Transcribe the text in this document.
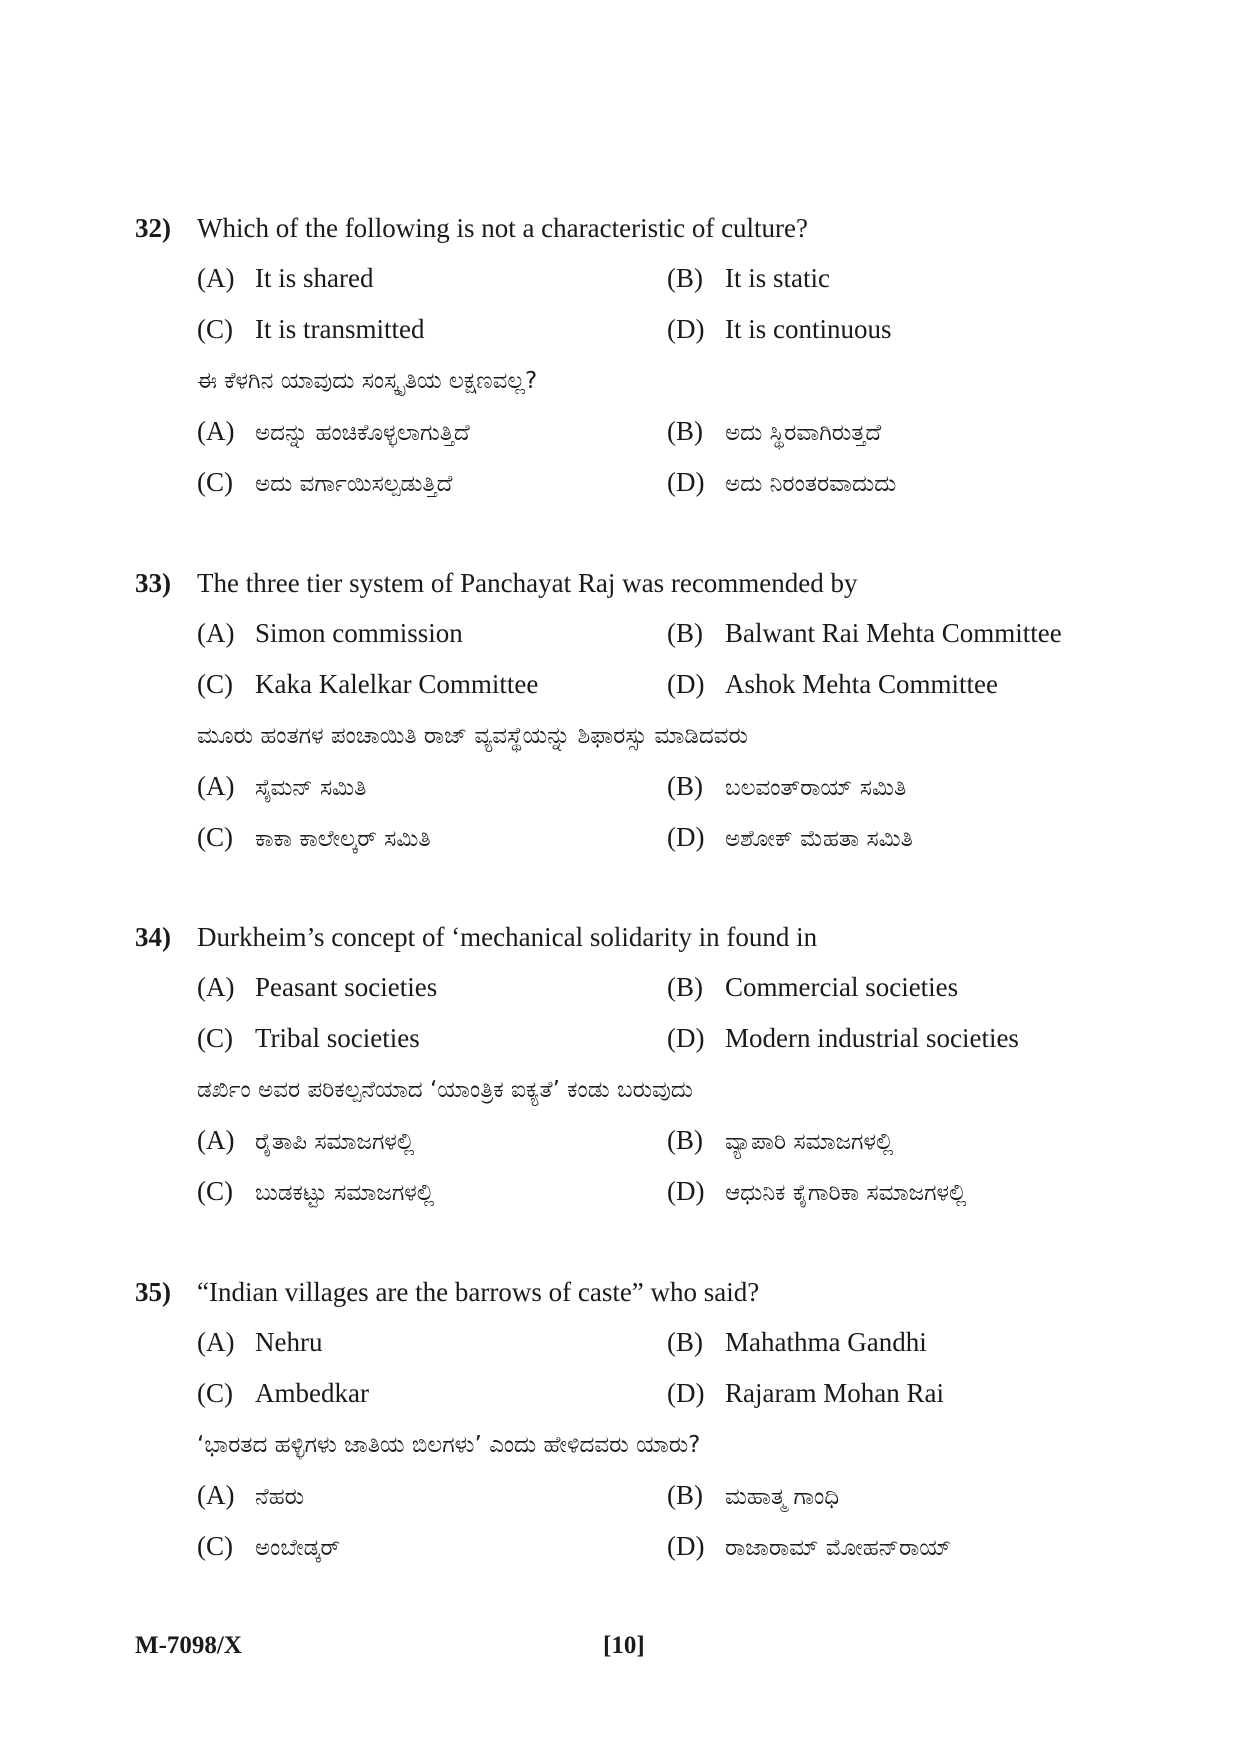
32) Which of the following is not a characteristic of culture?
(A) It is shared	(B) It is static
(C) It is transmitted	(D) It is continuous
ಈ ಕೆಳಗಿನ ಯಾವುದು ಸಂಸ್ಕೃತಿಯ ಲಕ್ಷಣವಲ್ಲ?
(A) ಅದನ್ನು ಹಂಚಿಕೊಳ್ಳಲಾಗುತ್ತಿದೆ	(B) ಅದು ಸ್ಥಿರವಾಗಿರುತ್ತದೆ
(C) ಅದು ವರ್ಗಾಯಿಸಲ್ಪಡುತ್ತಿದೆ	(D) ಅದು ನಿರಂತರವಾದುದು
33) The three tier system of Panchayat Raj was recommended by
(A) Simon commission	(B) Balwant Rai Mehta Committee
(C) Kaka Kalelkar Committee	(D) Ashok Mehta Committee
ಮೂರು ಹಂತಗಳ ಪಂಚಾಯಿತಿ ರಾಜ್ ವ್ಯವಸ್ಥೆಯನ್ನು ಶಿಫಾರಸ್ಸು ಮಾಡಿದವರು
(A) ಸೈಮನ್ ಸಮಿತಿ	(B) ಬಲವಂತ್‌ರಾಯ್ ಸಮಿತಿ
(C) ಕಾಕಾ ಕಾಲೇಲ್ಕರ್ ಸಮಿತಿ	(D) ಅಶೋಕ್ ಮೆಹತಾ ಸಮಿತಿ
34) Durkheim’s concept of ‘mechanical solidarity in found in
(A) Peasant societies	(B) Commercial societies
(C) Tribal societies	(D) Modern industrial societies
ಡರ್ಖಿಂ ಅವರ ಪರಿಕಲ್ಪನೆಯಾದ ‘ಯಾಂತ್ರಿಕ ಐಕ್ಯತೆ’ ಕಂಡು ಬರುವುದು
(A) ರೈತಾಪಿ ಸಮಾಜಗಳಲ್ಲಿ	(B) ವ್ಯಾಪಾರಿ ಸಮಾಜಗಳಲ್ಲಿ
(C) ಬುಡಕಟ್ಟು ಸಮಾಜಗಳಲ್ಲಿ	(D) ಆಧುನಿಕ ಕೈಗಾರಿಕಾ ಸಮಾಜಗಳಲ್ಲಿ
35) “Indian villages are the barrows of caste” who said?
(A) Nehru	(B) Mahathma Gandhi
(C) Ambedkar	(D) Rajaram Mohan Rai
‘ಭಾರತದ ಹಳ್ಳಿಗಳು ಜಾತಿಯ ಬಿಲಗಳು’ ಎಂದು ಹೇಳಿದವರು ಯಾರು?
(A) ನೆಹರು	(B) ಮಹಾತ್ಮ ಗಾಂಧಿ
(C) ಅಂಬೇಡ್ಕರ್	(D) ರಾಜಾರಾಮ್ ಮೋಹನ್‌ರಾಯ್
M-7098/X	[10]
